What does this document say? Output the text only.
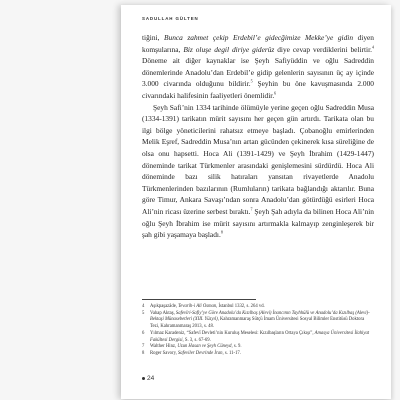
SADULLAH GÜLTEN

tiğini, Bunca zahmet çekip Erdebil’e gidecğimize Mekke’ye gidin diyen komşularına, Biz oluşe degil diriye giderüz diye cevap verdiklerini belirtir.$^4$ Döneme ait diğer kaynaklar ise Şeyh Safiyüddin ve oğlu Sadreddin dönemlerinde Anadolu’dan Erdebil’e gidip gelenlerin sayısının üç ay içinde 3.000 civarında olduğunu bildirir.$^5$ Şeyhin bu öne kavuşmasında 2.000 civarındaki halifesinin faaliyetleri önemlidir.$^6$

Şeyh Safi’nin 1334 tarihinde ölümüyle yerine geçen oğlu Sadreddin Musa (1334-1391) tarikatın mürit sayısını her geçen gün artırdı. Tarikata olan bu ilgi bölge yöneticilerini rahatsız etmeye başladı. Çobanoğlu emirlerinden Melik Eşref, Sadreddin Musa’nın artan gücünden çekinerek kısa süreliğine de olsa onu hapsetti. Hoca Ali (1391-1429) ve Şeyh İbrahim (1429-1447) döneminde tarikat Türkmenler arasındaki genişlemesini sürdürdü. Hoca Ali döneminde bazı silik hatıraları yansıtan rivayetlerde Anadolu Türkmenlerinden bazılarının (Rumluların) tarikata bağlandığı aktarılır. Buna göre Timur, Ankara Savaşı’ndan sonra Anadolu’dan götürdüğü esirleri Hoca Ali’nin ricası üzerine serbest bıraktı.$^7$ Şeyh Şah adıyla da bilinen Hoca Ali’nin oğlu Şeyh İbrahim ise mürit sayısını artırmakla kalmayıp zenginleşerek bir şah gibi yaşamaya başladı.$^8$

4	Aşıkpaşazâde, Tevarih-i Ali Osman, İstanbul 1332, s. 264 vd.
5	Vahap Aktaş, Safevîri-Safiy’ye Göre Anadolu’da Kızılbaş (Alevi) İnancının Tayhhülü ve Anadolu’da Kızılbaş (Alevi)-Bektaşi Münasebetleri (XIII. Yüzyıl), Kahramanmaraş Sütçü İmam Üniversitesi Sosyal Bilimler Enstitüsü Doktora Tezi, Kahramanmaraş 2013, s. 48.
6	Yılmaz Karadeniz, “Safevî Devleti’nin Kuruluş Meselesi: Kızılbaşların Ortaya Çıkışı”, Amasya Üniversitesi İlahiyat Fakültesi Dergisi, S. 3, s. 67-69.
7	Walther Hinz, Uzun Hasan ve Şeyh Cüneyd, s. 9.
8	Roger Savory, Safeviler Devrinde İran, s. 11-17.
24
